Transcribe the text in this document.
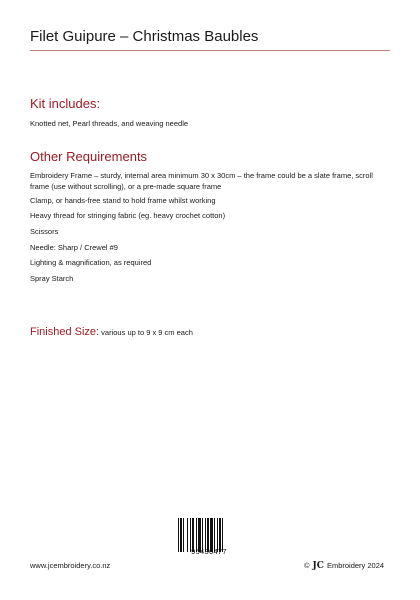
Filet Guipure – Christmas Baubles
Kit includes:
Knotted net, Pearl threads, and weaving needle
Other Requirements
Embroidery Frame – sturdy, internal area minimum 30 x 30cm – the frame could be a slate frame, scroll frame (use without scrolling), or a pre-made square frame
Clamp, or hands-free stand to hold frame whilst working
Heavy thread for stringing fabric (eg. heavy crochet cotton)
Scissors
Needle: Sharp / Crewel #9
Lighting & magnification, as required
Spray Starch
Finished Size: various up to 9 x 9 cm each
95436477
www.jcembroidery.co.nz	© JC Embroidery 2024
